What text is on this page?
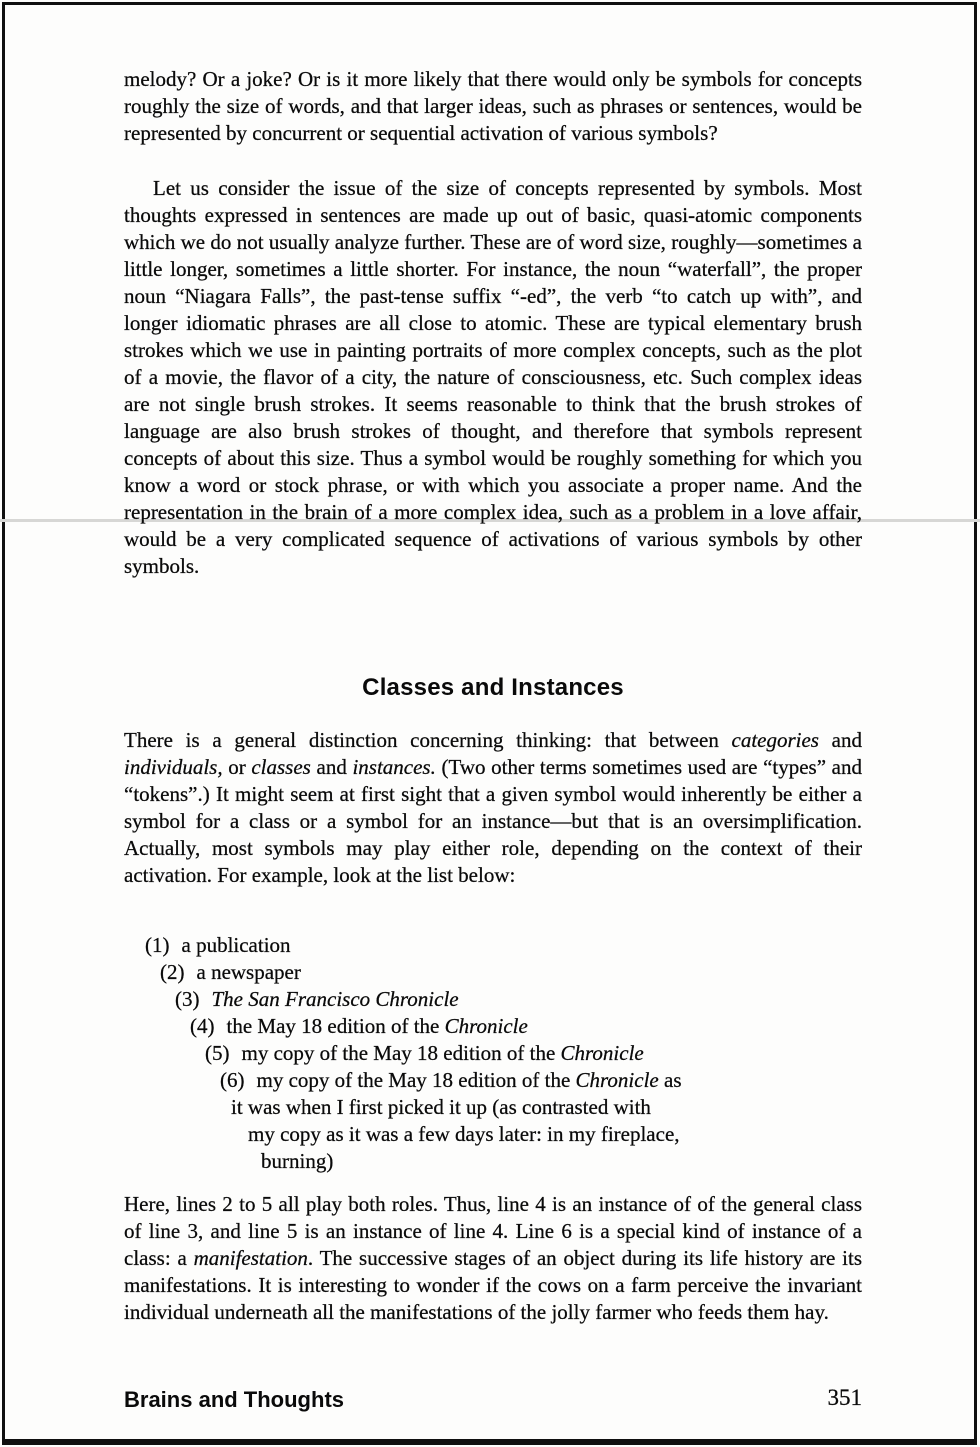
melody? Or a joke? Or is it more likely that there would only be symbols for concepts roughly the size of words, and that larger ideas, such as phrases or sentences, would be represented by concurrent or sequential activation of various symbols?

Let us consider the issue of the size of concepts represented by symbols. Most thoughts expressed in sentences are made up out of basic, quasi-atomic components which we do not usually analyze further. These are of word size, roughly—sometimes a little longer, sometimes a little shorter. For instance, the noun “waterfall”, the proper noun “Niagara Falls”, the past-tense suffix “-ed”, the verb “to catch up with”, and longer idiomatic phrases are all close to atomic. These are typical elementary brush strokes which we use in painting portraits of more complex concepts, such as the plot of a movie, the flavor of a city, the nature of consciousness, etc. Such complex ideas are not single brush strokes. It seems reasonable to think that the brush strokes of language are also brush strokes of thought, and therefore that symbols represent concepts of about this size. Thus a symbol would be roughly something for which you know a word or stock phrase, or with which you associate a proper name. And the representation in the brain of a more complex idea, such as a problem in a love affair, would be a very complicated sequence of activations of various symbols by other symbols.

Classes and Instances

There is a general distinction concerning thinking: that between categories and individuals, or classes and instances. (Two other terms sometimes used are “types” and “tokens”.) It might seem at first sight that a given symbol would inherently be either a symbol for a class or a symbol for an instance—but that is an oversimplification. Actually, most symbols may play either role, depending on the context of their activation. For example, look at the list below:

(1) a publication
(2) a newspaper
(3) The San Francisco Chronicle
(4) the May 18 edition of the Chronicle
(5) my copy of the May 18 edition of the Chronicle
(6) my copy of the May 18 edition of the Chronicle as
it was when I first picked it up (as contrasted with
my copy as it was a few days later: in my fireplace,
burning)

Here, lines 2 to 5 all play both roles. Thus, line 4 is an instance of of the general class of line 3, and line 5 is an instance of line 4. Line 6 is a special kind of instance of a class: a manifestation. The successive stages of an object during its life history are its manifestations. It is interesting to wonder if the cows on a farm perceive the invariant individual underneath all the manifestations of the jolly farmer who feeds them hay.

Brains and Thoughts	351
